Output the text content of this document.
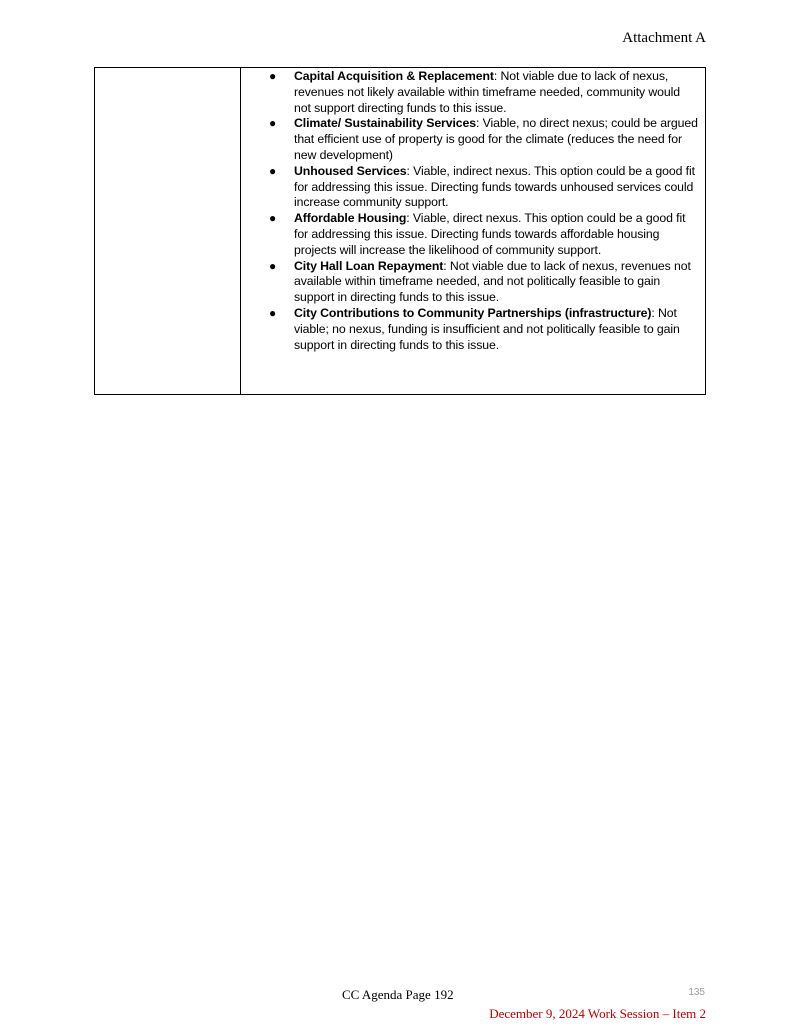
Attachment A
● Capital Acquisition & Replacement: Not viable due to lack of nexus, revenues not likely available within timeframe needed, community would not support directing funds to this issue.
● Climate/ Sustainability Services: Viable, no direct nexus; could be argued that efficient use of property is good for the climate (reduces the need for new development)
● Unhoused Services: Viable, indirect nexus. This option could be a good fit for addressing this issue. Directing funds towards unhoused services could increase community support.
● Affordable Housing: Viable, direct nexus. This option could be a good fit for addressing this issue. Directing funds towards affordable housing projects will increase the likelihood of community support.
● City Hall Loan Repayment: Not viable due to lack of nexus, revenues not available within timeframe needed, and not politically feasible to gain support in directing funds to this issue.
● City Contributions to Community Partnerships (infrastructure): Not viable; no nexus, funding is insufficient and not politically feasible to gain support in directing funds to this issue.
CC Agenda Page 192	135
December 9, 2024 Work Session – Item 2
